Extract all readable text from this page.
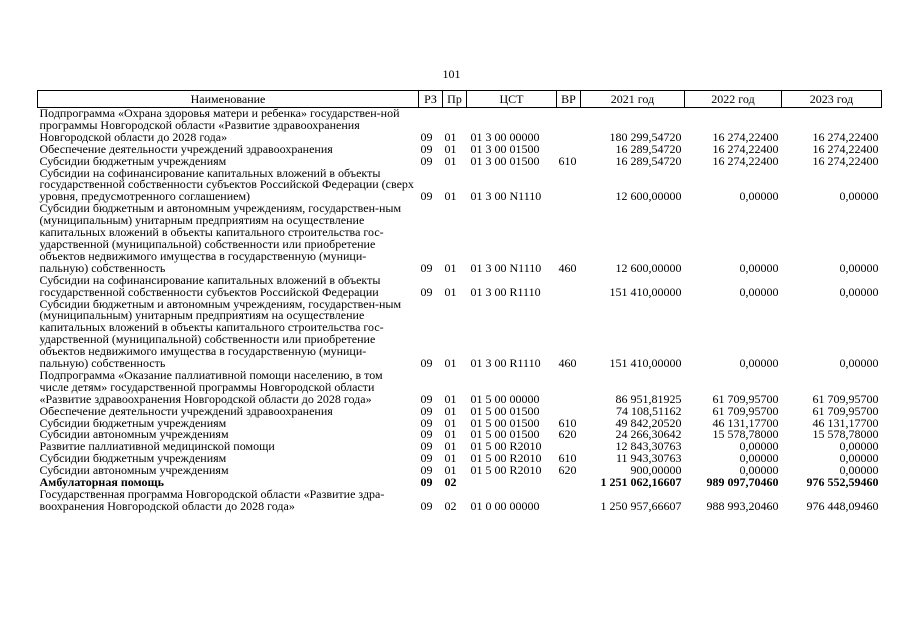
101
Наименование	РЗ	Пр	ЦСТ	ВР	2021 год	2022 год	2023 год
Подпрограмма «Охрана здоровья матери и ребенка» государствен-ной программы Новгородской области «Развитие здравоохранения Новгородской области до 2028 года»	09	01	01 3 00 00000		180 299,54720	16 274,22400	16 274,22400
Обеспечение деятельности учреждений здравоохранения	09	01	01 3 00 01500		16 289,54720	16 274,22400	16 274,22400
Субсидии бюджетным учреждениям	09	01	01 3 00 01500	610	16 289,54720	16 274,22400	16 274,22400
Субсидии на софинансирование капитальных вложений в объекты государственной собственности субъектов Российской Федерации (сверх уровня, предусмотренного соглашением)	09	01	01 3 00 N1110		12 600,00000	0,00000	0,00000
Субсидии бюджетным и автономным учреждениям, государствен-ным (муниципальным) унитарным предприятиям на осуществление капитальных вложений в объекты капитального строительства гос-ударственной (муниципальной) собственности или приобретение объектов недвижимого имущества в государственную (муници-пальную) собственность	09	01	01 3 00 N1110	460	12 600,00000	0,00000	0,00000
Субсидии на софинансирование капитальных вложений в объекты государственной собственности субъектов Российской Федерации	09	01	01 3 00 R1110		151 410,00000	0,00000	0,00000
Субсидии бюджетным и автономным учреждениям, государствен-ным (муниципальным) унитарным предприятиям на осуществление капитальных вложений в объекты капитального строительства гос-ударственной (муниципальной) собственности или приобретение объектов недвижимого имущества в государственную (муници-пальную) собственность	09	01	01 3 00 R1110	460	151 410,00000	0,00000	0,00000
Подпрограмма «Оказание паллиативной помощи населению, в том числе детям» государственной программы Новгородской области «Развитие здравоохранения Новгородской области до 2028 года»	09	01	01 5 00 00000		86 951,81925	61 709,95700	61 709,95700
Обеспечение деятельности учреждений здравоохранения	09	01	01 5 00 01500		74 108,51162	61 709,95700	61 709,95700
Субсидии бюджетным учреждениям	09	01	01 5 00 01500	610	49 842,20520	46 131,17700	46 131,17700
Субсидии автономным учреждениям	09	01	01 5 00 01500	620	24 266,30642	15 578,78000	15 578,78000
Развитие паллиативной медицинской помощи	09	01	01 5 00 R2010		12 843,30763	0,00000	0,00000
Субсидии бюджетным учреждениям	09	01	01 5 00 R2010	610	11 943,30763	0,00000	0,00000
Субсидии автономным учреждениям	09	01	01 5 00 R2010	620	900,00000	0,00000	0,00000
Амбулаторная помощь	09	02			1 251 062,16607	989 097,70460	976 552,59460
Государственная программа Новгородской области «Развитие здра-воохранения Новгородской области до 2028 года»	09	02	01 0 00 00000		1 250 957,66607	988 993,20460	976 448,09460
